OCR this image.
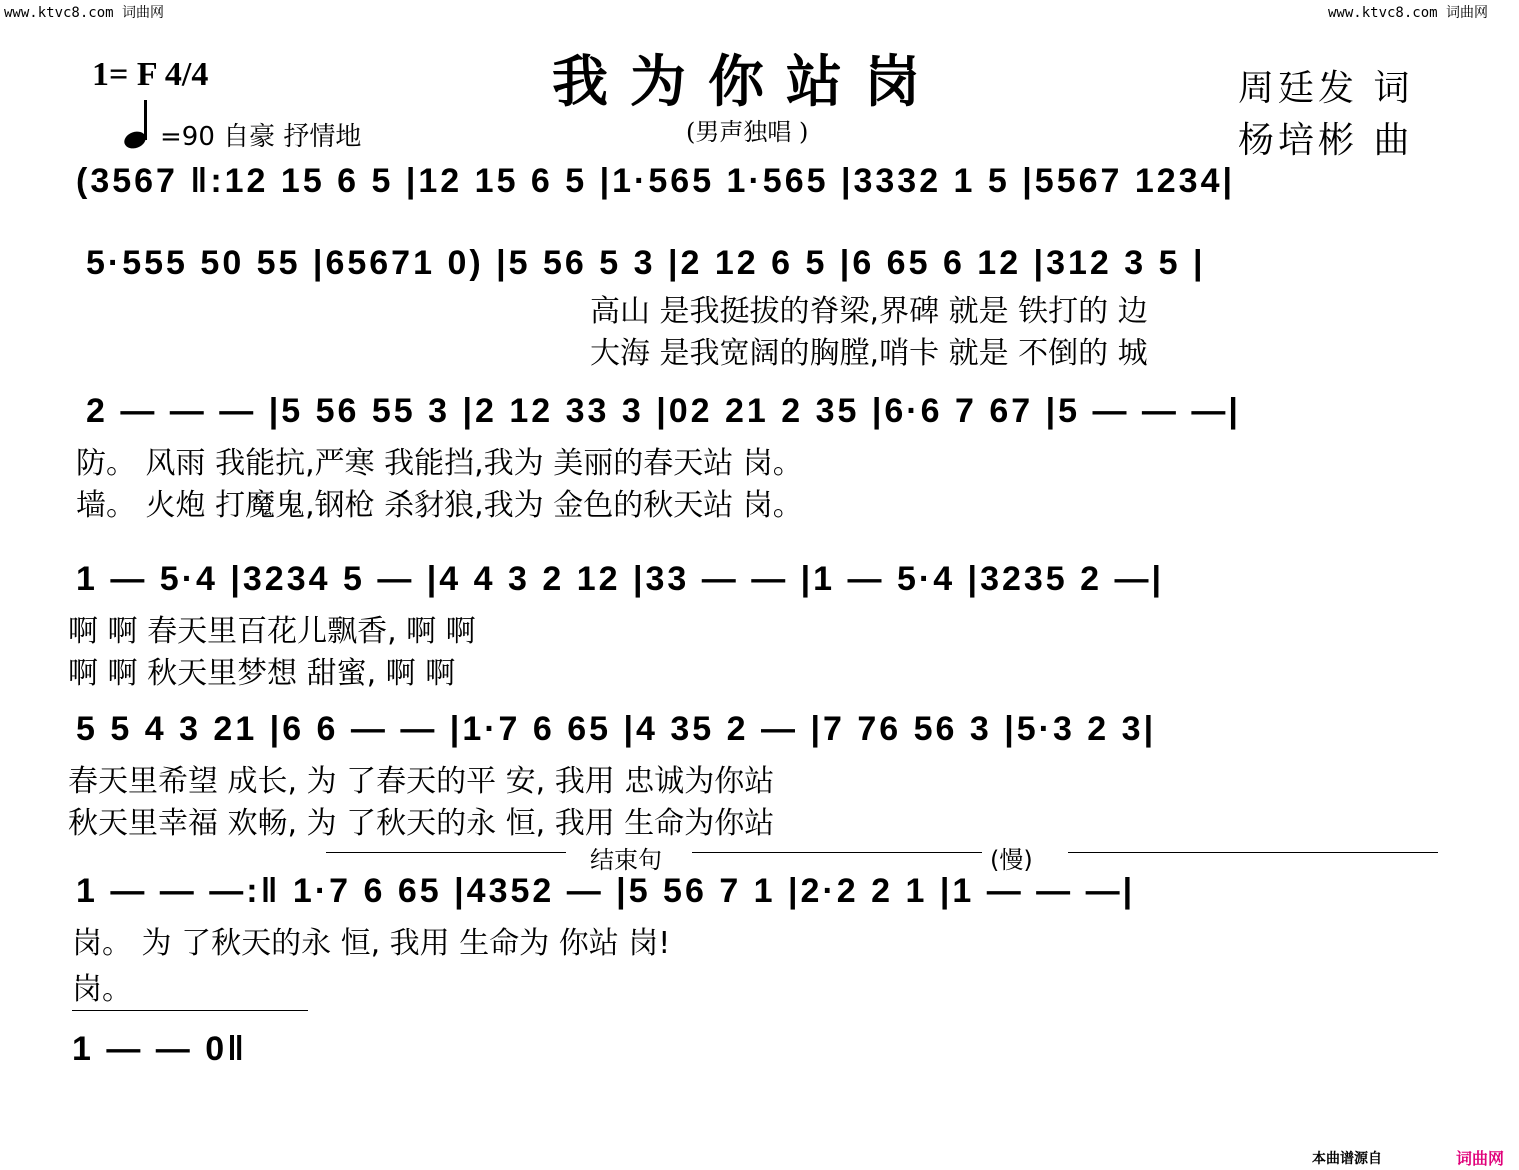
www.ktvc8.com 词曲网	www.ktvc8.com 词曲网
1= F 4/4
=90 自豪 抒情地
我为你站岗
(男声独唱 )
周廷发 词
杨培彬 曲
(3567 ‖:12 15 6 5 |12 15 6 5 |1·565 1·565 |3332 1 5 |5567 1234|
5·555 50 55 |65671 0) |5 56 5 3 |2 12 6 5 |6 65 6 12 |312 3 5 |
高山 是我挺拔的脊梁,界碑 就是 铁打的 边
大海 是我宽阔的胸膛,哨卡 就是 不倒的 城
2 — — — |5 56 55 3 |2 12 33 3 |02 21 2 35 |6·6 7 67 |5 — — —|
防。 风雨 我能抗,严寒 我能挡,我为 美丽的春天站 岗。
墙。 火炮 打魔鬼,钢枪 杀豺狼,我为 金色的秋天站 岗。
1 — 5·4 |3234 5 — |4 4 3 2 12 |33 — — |1 — 5·4 |3235 2 —|
啊 啊 春天里百花儿飘香, 啊 啊
啊 啊 秋天里梦想 甜蜜, 啊 啊
5 5 4 3 21 |6 6 — — |1·7 6 65 |4 35 2 — |7 76 56 3 |5·3 2 3|
春天里希望 成长, 为 了春天的平 安, 我用 忠诚为你站
秋天里幸福 欢畅, 为 了秋天的永 恒, 我用 生命为你站
结束句	(慢)
1 — — —:‖ 1·7 6 65 |4352 — |5 56 7 1 |2·2 2 1 |1 — — —|
岗。 为 了秋天的永 恒, 我用 生命为 你站 岗!
岗。
1 — — 0‖
本曲谱源自	词曲网
